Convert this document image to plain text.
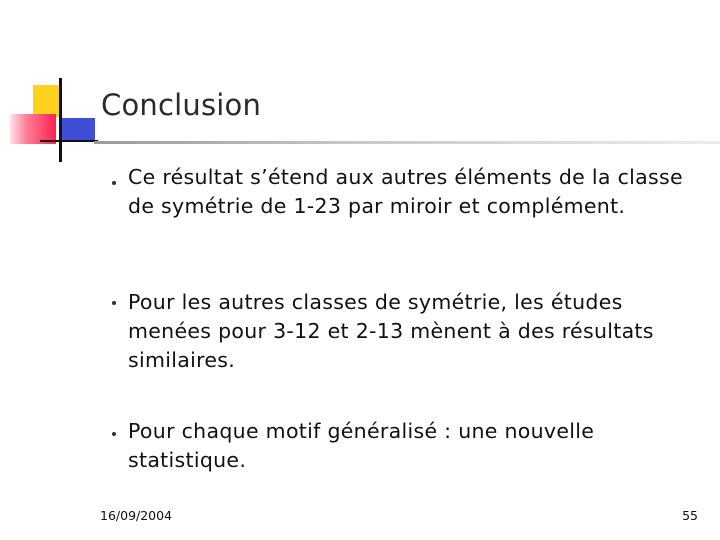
Conclusion
Ce résultat s’étend aux autres éléments de la classe de symétrie de 1-23 par miroir et complément.
Pour les autres classes de symétrie, les études menées pour 3-12 et 2-13 mènent à des résultats similaires.
Pour chaque motif généralisé : une nouvelle statistique.
16/09/2004	55
